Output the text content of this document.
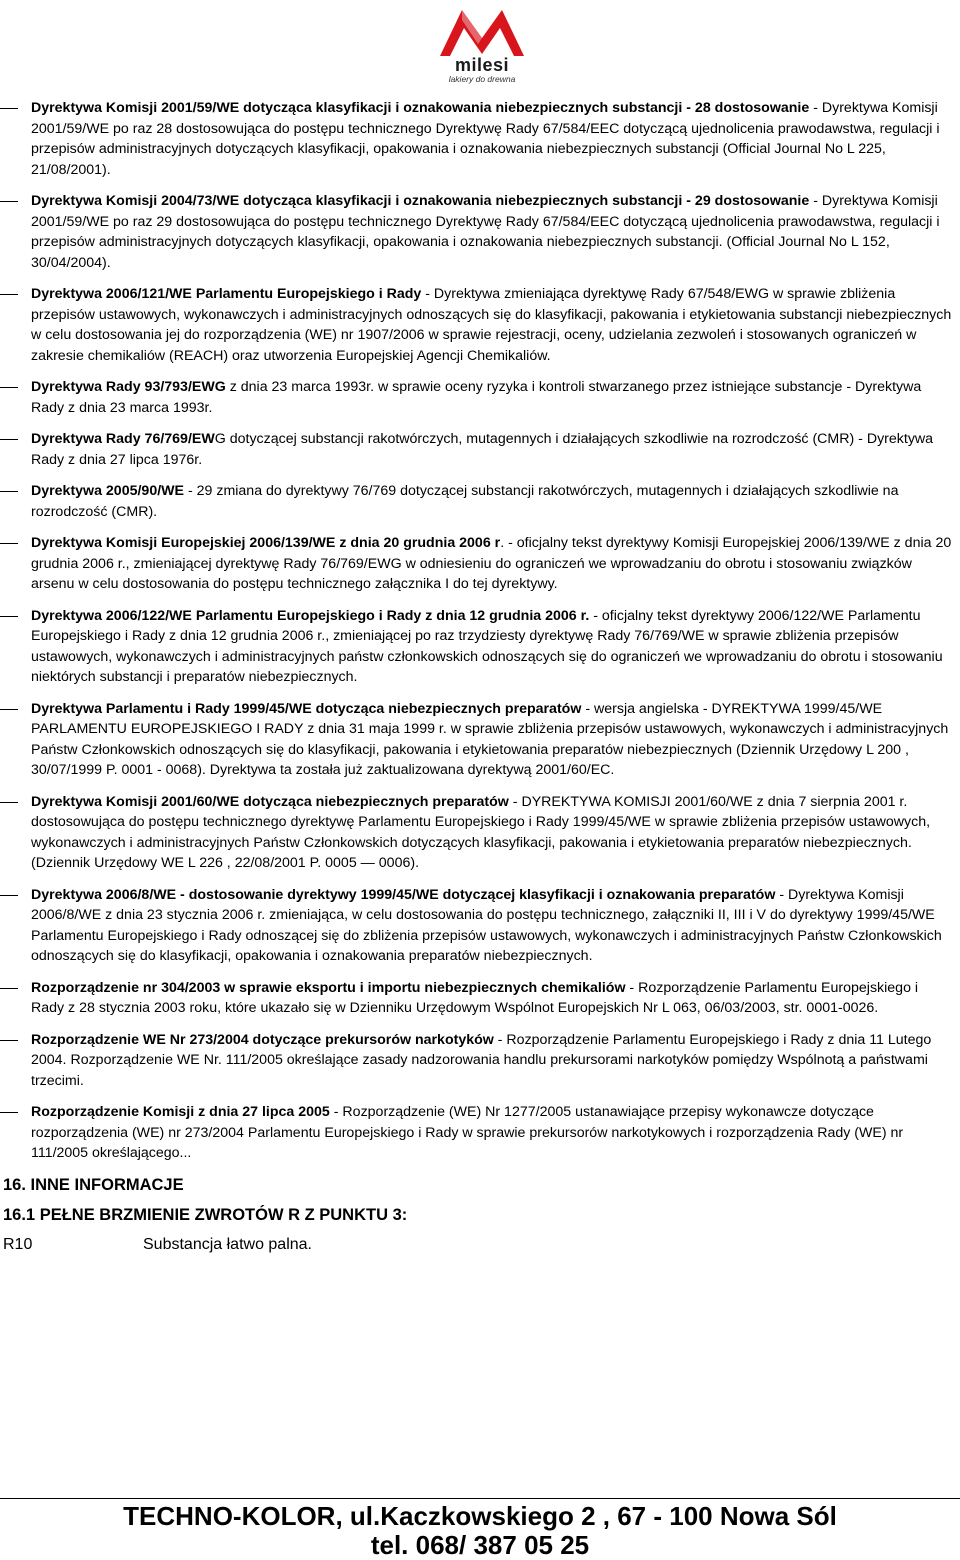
milesi
lakiery do drewna
Dyrektywa Komisji 2001/59/WE dotycząca klasyfikacji i oznakowania niebezpiecznych substancji - 28 dostosowanie - Dyrektywa Komisji 2001/59/WE po raz 28 dostosowująca do postępu technicznego Dyrektywę Rady 67/584/EEC dotyczącą ujednolicenia prawodawstwa, regulacji i przepisów administracyjnych dotyczących klasyfikacji, opakowania i oznakowania niebezpiecznych substancji (Official Journal No L 225, 21/08/2001).
Dyrektywa Komisji 2004/73/WE dotycząca klasyfikacji i oznakowania niebezpiecznych substancji - 29 dostosowanie - Dyrektywa Komisji 2001/59/WE po raz 29 dostosowująca do postępu technicznego Dyrektywę Rady 67/584/EEC dotyczącą ujednolicenia prawodawstwa, regulacji i przepisów administracyjnych dotyczących klasyfikacji, opakowania i oznakowania niebezpiecznych substancji. (Official Journal No L 152, 30/04/2004).
Dyrektywa 2006/121/WE Parlamentu Europejskiego i Rady - Dyrektywa zmieniająca dyrektywę Rady 67/548/EWG w sprawie zbliżenia przepisów ustawowych, wykonawczych i administracyjnych odnoszących się do klasyfikacji, pakowania i etykietowania substancji niebezpiecznych w celu dostosowania jej do rozporządzenia (WE) nr 1907/2006 w sprawie rejestracji, oceny, udzielania zezwoleń i stosowanych ograniczeń w zakresie chemikaliów (REACH) oraz utworzenia Europejskiej Agencji Chemikaliów.
Dyrektywa Rady 93/793/EWG z dnia 23 marca 1993r. w sprawie oceny ryzyka i kontroli stwarzanego przez istniejące substancje - Dyrektywa Rady z dnia 23 marca 1993r.
Dyrektywa Rady 76/769/EWG dotyczącej substancji rakotwórczych, mutagennych i działających szkodliwie na rozrodczość (CMR) - Dyrektywa Rady z dnia 27 lipca 1976r.
Dyrektywa 2005/90/WE - 29 zmiana do dyrektywy 76/769 dotyczącej substancji rakotwórczych, mutagennych i działających szkodliwie na rozrodczość (CMR).
Dyrektywa Komisji Europejskiej 2006/139/WE z dnia 20 grudnia 2006 r. - oficjalny tekst dyrektywy Komisji Europejskiej 2006/139/WE z dnia 20 grudnia 2006 r., zmieniającej dyrektywę Rady 76/769/EWG w odniesieniu do ograniczeń we wprowadzaniu do obrotu i stosowaniu związków arsenu w celu dostosowania do postępu technicznego załącznika I do tej dyrektywy.
Dyrektywa 2006/122/WE Parlamentu Europejskiego i Rady z dnia 12 grudnia 2006 r. - oficjalny tekst dyrektywy 2006/122/WE Parlamentu Europejskiego i Rady z dnia 12 grudnia 2006 r., zmieniającej po raz trzydziesty dyrektywę Rady 76/769/WE w sprawie zbliżenia przepisów ustawowych, wykonawczych i administracyjnych państw członkowskich odnoszących się do ograniczeń we wprowadzaniu do obrotu i stosowaniu niektórych substancji i preparatów niebezpiecznych.
Dyrektywa Parlamentu i Rady 1999/45/WE dotycząca niebezpiecznych preparatów - wersja angielska - DYREKTYWA 1999/45/WE PARLAMENTU EUROPEJSKIEGO I RADY z dnia 31 maja 1999 r. w sprawie zbliżenia przepisów ustawowych, wykonawczych i administracyjnych Państw Członkowskich odnoszących się do klasyfikacji, pakowania i etykietowania preparatów niebezpiecznych (Dziennik Urzędowy L 200 , 30/07/1999 P. 0001 - 0068). Dyrektywa ta została już zaktualizowana dyrektywą 2001/60/EC.
Dyrektywa Komisji 2001/60/WE dotycząca niebezpiecznych preparatów - DYREKTYWA KOMISJI 2001/60/WE z dnia 7 sierpnia 2001 r. dostosowująca do postępu technicznego dyrektywę Parlamentu Europejskiego i Rady 1999/45/WE w sprawie zbliżenia przepisów ustawowych, wykonawczych i administracyjnych Państw Członkowskich dotyczących klasyfikacji, pakowania i etykietowania preparatów niebezpiecznych. (Dziennik Urzędowy WE L 226 , 22/08/2001 P. 0005 ― 0006).
Dyrektywa 2006/8/WE - dostosowanie dyrektywy 1999/45/WE dotyczącej klasyfikacji i oznakowania preparatów - Dyrektywa Komisji 2006/8/WE z dnia 23 stycznia 2006 r. zmieniająca, w celu dostosowania do postępu technicznego, załączniki II, III i V do dyrektywy 1999/45/WE Parlamentu Europejskiego i Rady odnoszącej się do zbliżenia przepisów ustawowych, wykonawczych i administracyjnych Państw Członkowskich odnoszących się do klasyfikacji, opakowania i oznakowania preparatów niebezpiecznych.
Rozporządzenie nr 304/2003 w sprawie eksportu i importu niebezpiecznych chemikaliów - Rozporządzenie Parlamentu Europejskiego i Rady z 28 stycznia 2003 roku, które ukazało się w Dzienniku Urzędowym Wspólnot Europejskich Nr L 063, 06/03/2003, str. 0001-0026.
Rozporządzenie WE Nr 273/2004 dotyczące prekursorów narkotyków - Rozporządzenie Parlamentu Europejskiego i Rady z dnia 11 Lutego 2004. Rozporządzenie WE Nr. 111/2005 określające zasady nadzorowania handlu prekursorami narkotyków pomiędzy Wspólnotą a państwami trzecimi.
Rozporządzenie Komisji z dnia 27 lipca 2005 - Rozporządzenie (WE) Nr 1277/2005 ustanawiające przepisy wykonawcze dotyczące rozporządzenia (WE) nr 273/2004 Parlamentu Europejskiego i Rady w sprawie prekursorów narkotykowych i rozporządzenia Rady (WE) nr 111/2005 określającego...
16. INNE INFORMACJE
16.1 PEŁNE BRZMIENIE ZWROTÓW R Z PUNKTU 3:
R10	Substancja łatwo palna.
TECHNO-KOLOR, ul.Kaczkowskiego 2 , 67 - 100 Nowa Sól
tel. 068/ 387 05 25
